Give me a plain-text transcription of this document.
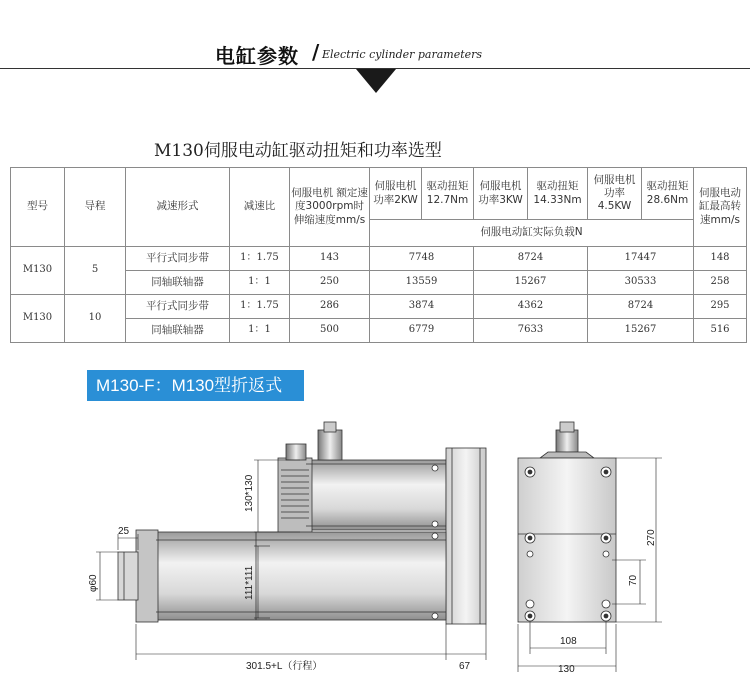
电缸参数 / Electric cylinder parameters
M130伺服电动缸驱动扭矩和功率选型
型号	导程	减速形式	减速比	伺服电机 额定速度3000rpm时伸缩速度mm/s	伺服电机功率2KW	驱动扭矩12.7Nm	伺服电机功率3KW	驱动扭矩14.33Nm	伺服电机功率4.5KW	驱动扭矩28.6Nm	伺服电动缸最高转速mm/s
					伺服电动缸实际负载N						
M130	5	平行式同步带	1：1.75	143	7748		8724		17447		148
		同轴联轴器	1：1	250	13559		15267		30533		258
M130	10	平行式同步带	1：1.75	286	3874		4362		8724		295
		同轴联轴器	1：1	500	6779		7633		15267		516
M130-F：M130型折返式
130*130
111*111
25
φ60
301.5+L（行程）	67
270
70
108
130
